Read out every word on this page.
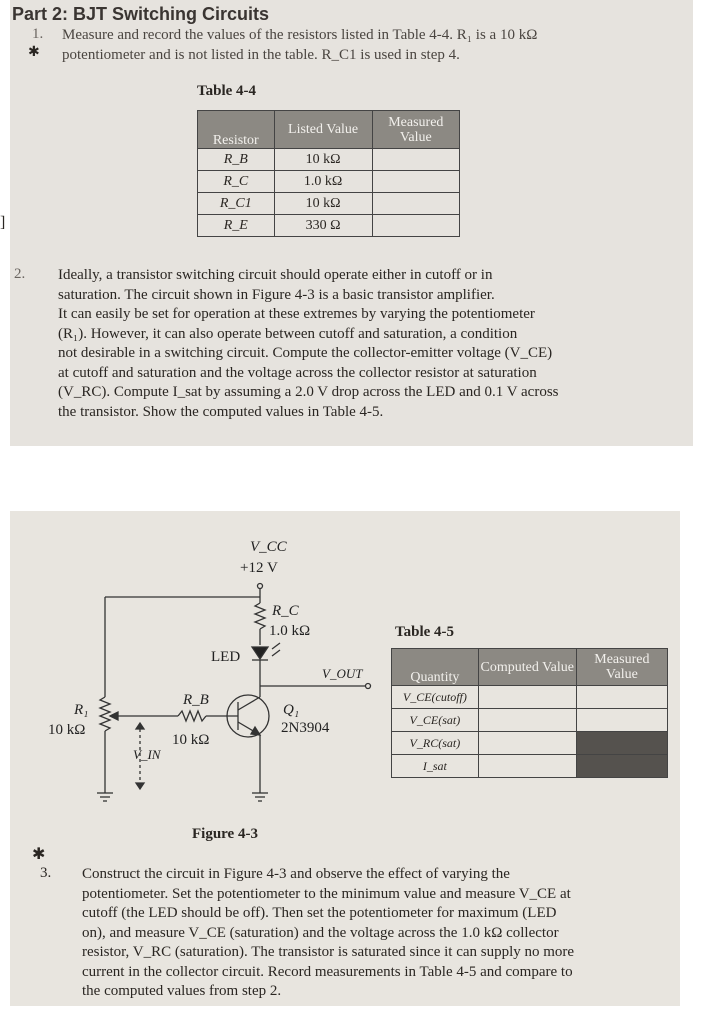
Part 2: BJT Switching Circuits
1.
✱
Measure and record the values of the resistors listed in Table 4-4. R₁ is a 10 kΩ
potentiometer and is not listed in the table. R_C1 is used in step 4.
Table 4-4
Resistor	Listed Value	Measured Value
R_B	10 kΩ	
R_C	1.0 kΩ	
R_C1	10 kΩ	
R_E	330 Ω	
]
2. Ideally, a transistor switching circuit should operate either in cutoff or in
saturation. The circuit shown in Figure 4-3 is a basic transistor amplifier.
It can easily be set for operation at these extremes by varying the potentiometer
(R₁). However, it can also operate between cutoff and saturation, a condition
not desirable in a switching circuit. Compute the collector-emitter voltage (V_CE)
at cutoff and saturation and the voltage across the collector resistor at saturation
(V_RC). Compute I_sat by assuming a 2.0 V drop across the LED and 0.1 V across
the transistor. Show the computed values in Table 4-5.
V_CC
+12 V
R_C
1.0 kΩ
LED
V_OUT
R₁
10 kΩ
R_B
10 kΩ
Q₁
2N3904
V_IN
Table 4-5
Quantity	Computed Value	Measured Value
V_CE(cutoff)		
V_CE(sat)		
V_RC(sat)		
I_sat		
Figure 4-3
✱
3. Construct the circuit in Figure 4-3 and observe the effect of varying the
potentiometer. Set the potentiometer to the minimum value and measure V_CE at
cutoff (the LED should be off). Then set the potentiometer for maximum (LED
on), and measure V_CE (saturation) and the voltage across the 1.0 kΩ collector
resistor, V_RC (saturation). The transistor is saturated since it can supply no more
current in the collector circuit. Record measurements in Table 4-5 and compare to
the computed values from step 2.
